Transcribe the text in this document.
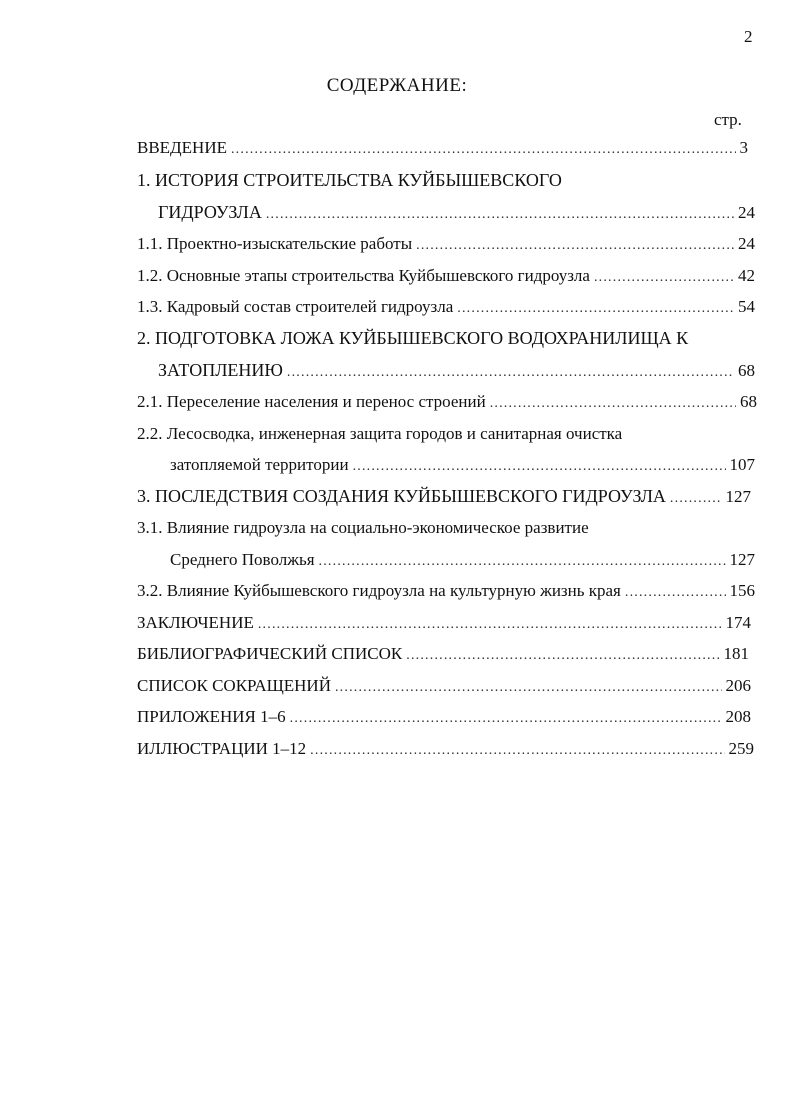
2
СОДЕРЖАНИЕ:
стр.
ВВЕДЕНИЕ .....	3
1. ИСТОРИЯ СТРОИТЕЛЬСТВА КУЙБЫШЕВСКОГО
ГИДРОУЗЛА .....	24
1.1. Проектно-изыскательские работы .....	24
1.2. Основные этапы строительства Куйбышевского гидроузла .....	42
1.3. Кадровый состав строителей гидроузла .....	54
2. ПОДГОТОВКА ЛОЖА КУЙБЫШЕВСКОГО ВОДОХРАНИЛИЩА К
ЗАТОПЛЕНИЮ .....	68
2.1. Переселение населения и перенос строений .....	68
2.2. Лесосводка, инженерная защита городов и санитарная очистка
затопляемой территории .....	107
3. ПОСЛЕДСТВИЯ СОЗДАНИЯ КУЙБЫШЕВСКОГО ГИДРОУЗЛА .....	127
3.1. Влияние гидроузла на социально-экономическое развитие
Среднего Поволжья .....	127
3.2. Влияние Куйбышевского гидроузла на культурную жизнь края .....	156
ЗАКЛЮЧЕНИЕ .....	174
БИБЛИОГРАФИЧЕСКИЙ СПИСОК .....	181
СПИСОК СОКРАЩЕНИЙ .....	206
ПРИЛОЖЕНИЯ 1–6 .....	208
ИЛЛЮСТРАЦИИ 1–12 .....	259
